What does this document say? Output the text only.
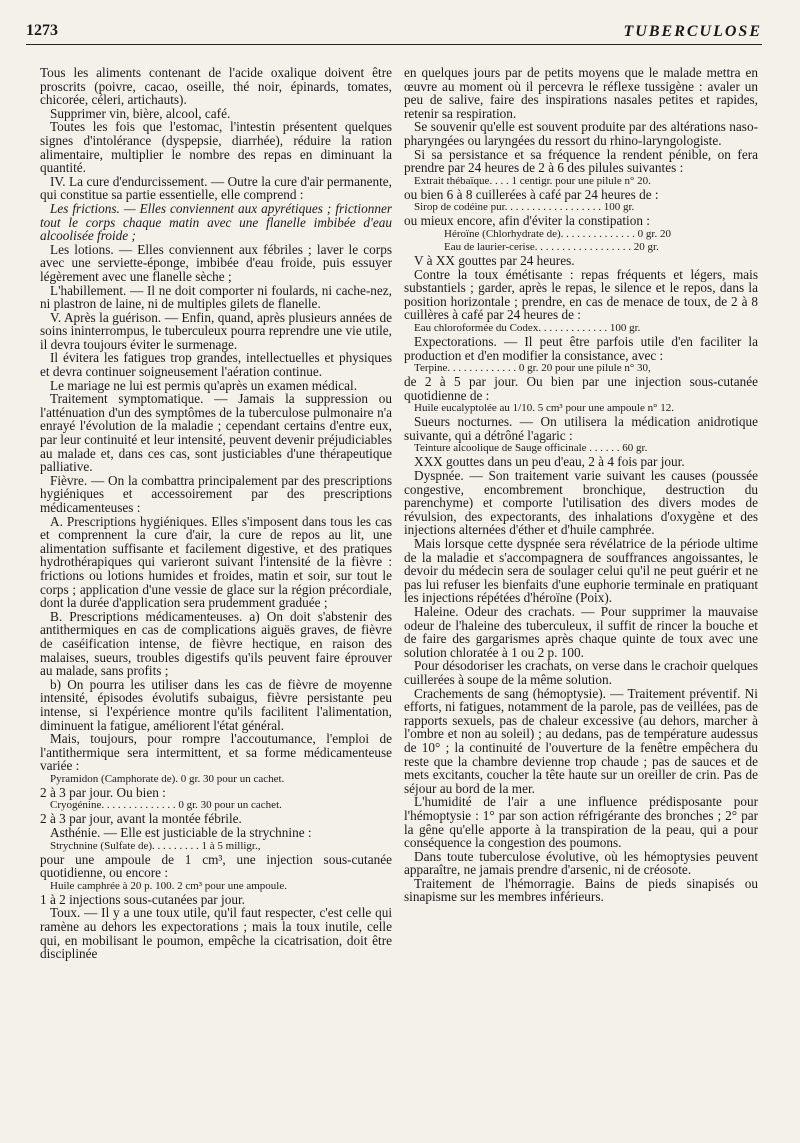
1273	TUBERCULOSE

Tous les aliments contenant de l'acide oxalique doivent être proscrits (poivre, cacao, oseille, thé noir, épinards, tomates, chicorée, céleri, artichauts).

Supprimer vin, bière, alcool, café.

Toutes les fois que l'estomac, l'intestin présentent quelques signes d'intolérance (dyspepsie, diarrhée), réduire la ration alimentaire, multiplier le nombre des repas en diminuant la quantité.

IV. La cure d'endurcissement. — Outre la cure d'air permanente, qui constitue sa partie essentielle, elle comprend :

Les frictions. — Elles conviennent aux apyrétiques ; frictionner tout le corps chaque matin avec une flanelle imbibée d'eau alcoolisée froide ;

Les lotions. — Elles conviennent aux fébriles ; laver le corps avec une serviette-éponge, imbibée d'eau froide, puis essuyer légèrement avec une flanelle sèche ;

L'habillement. — Il ne doit comporter ni foulards, ni cache-nez, ni plastron de laine, ni de multiples gilets de flanelle.

V. Après la guérison. — Enfin, quand, après plusieurs années de soins ininterrompus, le tuberculeux pourra reprendre une vie utile, il devra toujours éviter le surmenage.

Il évitera les fatigues trop grandes, intellectuelles et physiques et devra continuer soigneusement l'aération continue.

Le mariage ne lui est permis qu'après un examen médical.

Traitement symptomatique. — Jamais la suppression ou l'atténuation d'un des symptômes de la tuberculose pulmonaire n'a enrayé l'évolution de la maladie ; cependant certains d'entre eux, par leur continuité et leur intensité, peuvent devenir préjudiciables au malade et, dans ces cas, sont justiciables d'une thérapeutique palliative.

Fièvre. — On la combattra principalement par des prescriptions hygiéniques et accessoirement par des prescriptions médicamenteuses :

A. Prescriptions hygiéniques. Elles s'imposent dans tous les cas et comprennent la cure d'air, la cure de repos au lit, une alimentation suffisante et facilement digestive, et des pratiques hydrothérapiques qui varieront suivant l'intensité de la fièvre : frictions ou lotions humides et froides, matin et soir, sur tout le corps ; application d'une vessie de glace sur la région précordiale, dont la durée d'application sera prudemment graduée ;

B. Prescriptions médicamenteuses. a) On doit s'abstenir des antithermiques en cas de complications aiguës graves, de fièvre de caséification intense, de fièvre hectique, en raison des malaises, sueurs, troubles digestifs qu'ils peuvent faire éprouver au malade, sans profits ;

b) On pourra les utiliser dans les cas de fièvre de moyenne intensité, épisodes évolutifs subaigus, fièvre persistante peu intense, si l'expérience montre qu'ils facilitent l'alimentation, diminuent la fatigue, améliorent l'état général.

Mais, toujours, pour rompre l'accoutumance, l'emploi de l'antithermique sera intermittent, et sa forme médicamenteuse variée :

Pyramidon (Camphorate de). 0 gr. 30 pour un cachet.

2 à 3 par jour. Ou bien :

Cryogénine. . . . . . . . . . . . . . 0 gr. 30 pour un cachet.

2 à 3 par jour, avant la montée fébrile.

Asthénie. — Elle est justiciable de la strychnine :

Strychnine (Sulfate de). . . . . . . . . 1 à 5 milligr.,

pour une ampoule de 1 cm³, une injection sous-cutanée quotidienne, ou encore :

Huile camphrée à 20 p. 100. 2 cm³ pour une ampoule.

1 à 2 injections sous-cutanées par jour.

Toux. — Il y a une toux utile, qu'il faut respecter, c'est celle qui ramène au dehors les expectorations ; mais la toux inutile, celle qui, en mobilisant le poumon, empêche la cicatrisation, doit être disciplinée

en quelques jours par de petits moyens que le malade mettra en œuvre au moment où il percevra le réflexe tussigène : avaler un peu de salive, faire des inspirations nasales petites et rapides, retenir sa respiration.

Se souvenir qu'elle est souvent produite par des altérations naso-pharyngées ou laryngées du ressort du rhino-laryngologiste.

Si sa persistance et sa fréquence la rendent pénible, on fera prendre par 24 heures de 2 à 6 des pilules suivantes :

Extrait thébaïque. . . . 1 centigr. pour une pilule n° 20.

ou bien 6 à 8 cuillerées à café par 24 heures de :

Sirop de codéine pur. . . . . . . . . . . . . . . . . . 100 gr.

ou mieux encore, afin d'éviter la constipation :

Héroïne (Chlorhydrate de). . . . . . . . . . . . . . 0 gr. 20

Eau de laurier-cerise. . . . . . . . . . . . . . . . . . 20 gr.

V à XX gouttes par 24 heures.

Contre la toux émétisante : repas fréquents et légers, mais substantiels ; garder, après le repas, le silence et le repos, dans la position horizontale ; prendre, en cas de menace de toux, de 2 à 8 cuillères à café par 24 heures de :

Eau chloroformée du Codex. . . . . . . . . . . . . 100 gr.

Expectorations. — Il peut être parfois utile d'en faciliter la production et d'en modifier la consistance, avec :

Terpine. . . . . . . . . . . . . 0 gr. 20 pour une pilule n° 30,

de 2 à 5 par jour. Ou bien par une injection sous-cutanée quotidienne de :

Huile eucalyptolée au 1/10. 5 cm³ pour une ampoule n° 12.

Sueurs nocturnes. — On utilisera la médication anidrotique suivante, qui a détrôné l'agaric :

Teinture alcoolique de Sauge officinale . . . . . . 60 gr.

XXX gouttes dans un peu d'eau, 2 à 4 fois par jour.

Dyspnée. — Son traitement varie suivant les causes (poussée congestive, encombrement bronchique, destruction du parenchyme) et comporte l'utilisation des divers modes de révulsion, des expectorants, des inhalations d'oxygène et des injections alternées d'éther et d'huile camphrée.

Mais lorsque cette dyspnée sera révélatrice de la période ultime de la maladie et s'accompagnera de souffrances angoissantes, le devoir du médecin sera de soulager celui qu'il ne peut guérir et ne pas lui refuser les bienfaits d'une euphorie terminale en pratiquant les injections répétées d'héroïne (Poix).

Haleine. Odeur des crachats. — Pour supprimer la mauvaise odeur de l'haleine des tuberculeux, il suffit de rincer la bouche et de faire des gargarismes après chaque quinte de toux avec une solution chloratée à 1 ou 2 p. 100.

Pour désodoriser les crachats, on verse dans le crachoir quelques cuillerées à soupe de la même solution.

Crachements de sang (hémoptysie). — Traitement préventif. Ni efforts, ni fatigues, notamment de la parole, pas de veillées, pas de rapports sexuels, pas de chaleur excessive (au dehors, marcher à l'ombre et non au soleil) ; au dedans, pas de température audessus de 10° ; la continuité de l'ouverture de la fenêtre empêchera du reste que la chambre devienne trop chaude ; pas de sauces et de mets excitants, coucher la tête haute sur un oreiller de crin. Pas de séjour au bord de la mer.

L'humidité de l'air a une influence prédisposante pour l'hémoptysie : 1° par son action réfrigérante des bronches ; 2° par la gêne qu'elle apporte à la transpiration de la peau, qui a pour conséquence la congestion des poumons.

Dans toute tuberculose évolutive, où les hémoptysies peuvent apparaître, ne jamais prendre d'arsenic, ni de créosote.

Traitement de l'hémorragie. Bains de pieds sinapisés ou sinapisme sur les membres inférieurs.
